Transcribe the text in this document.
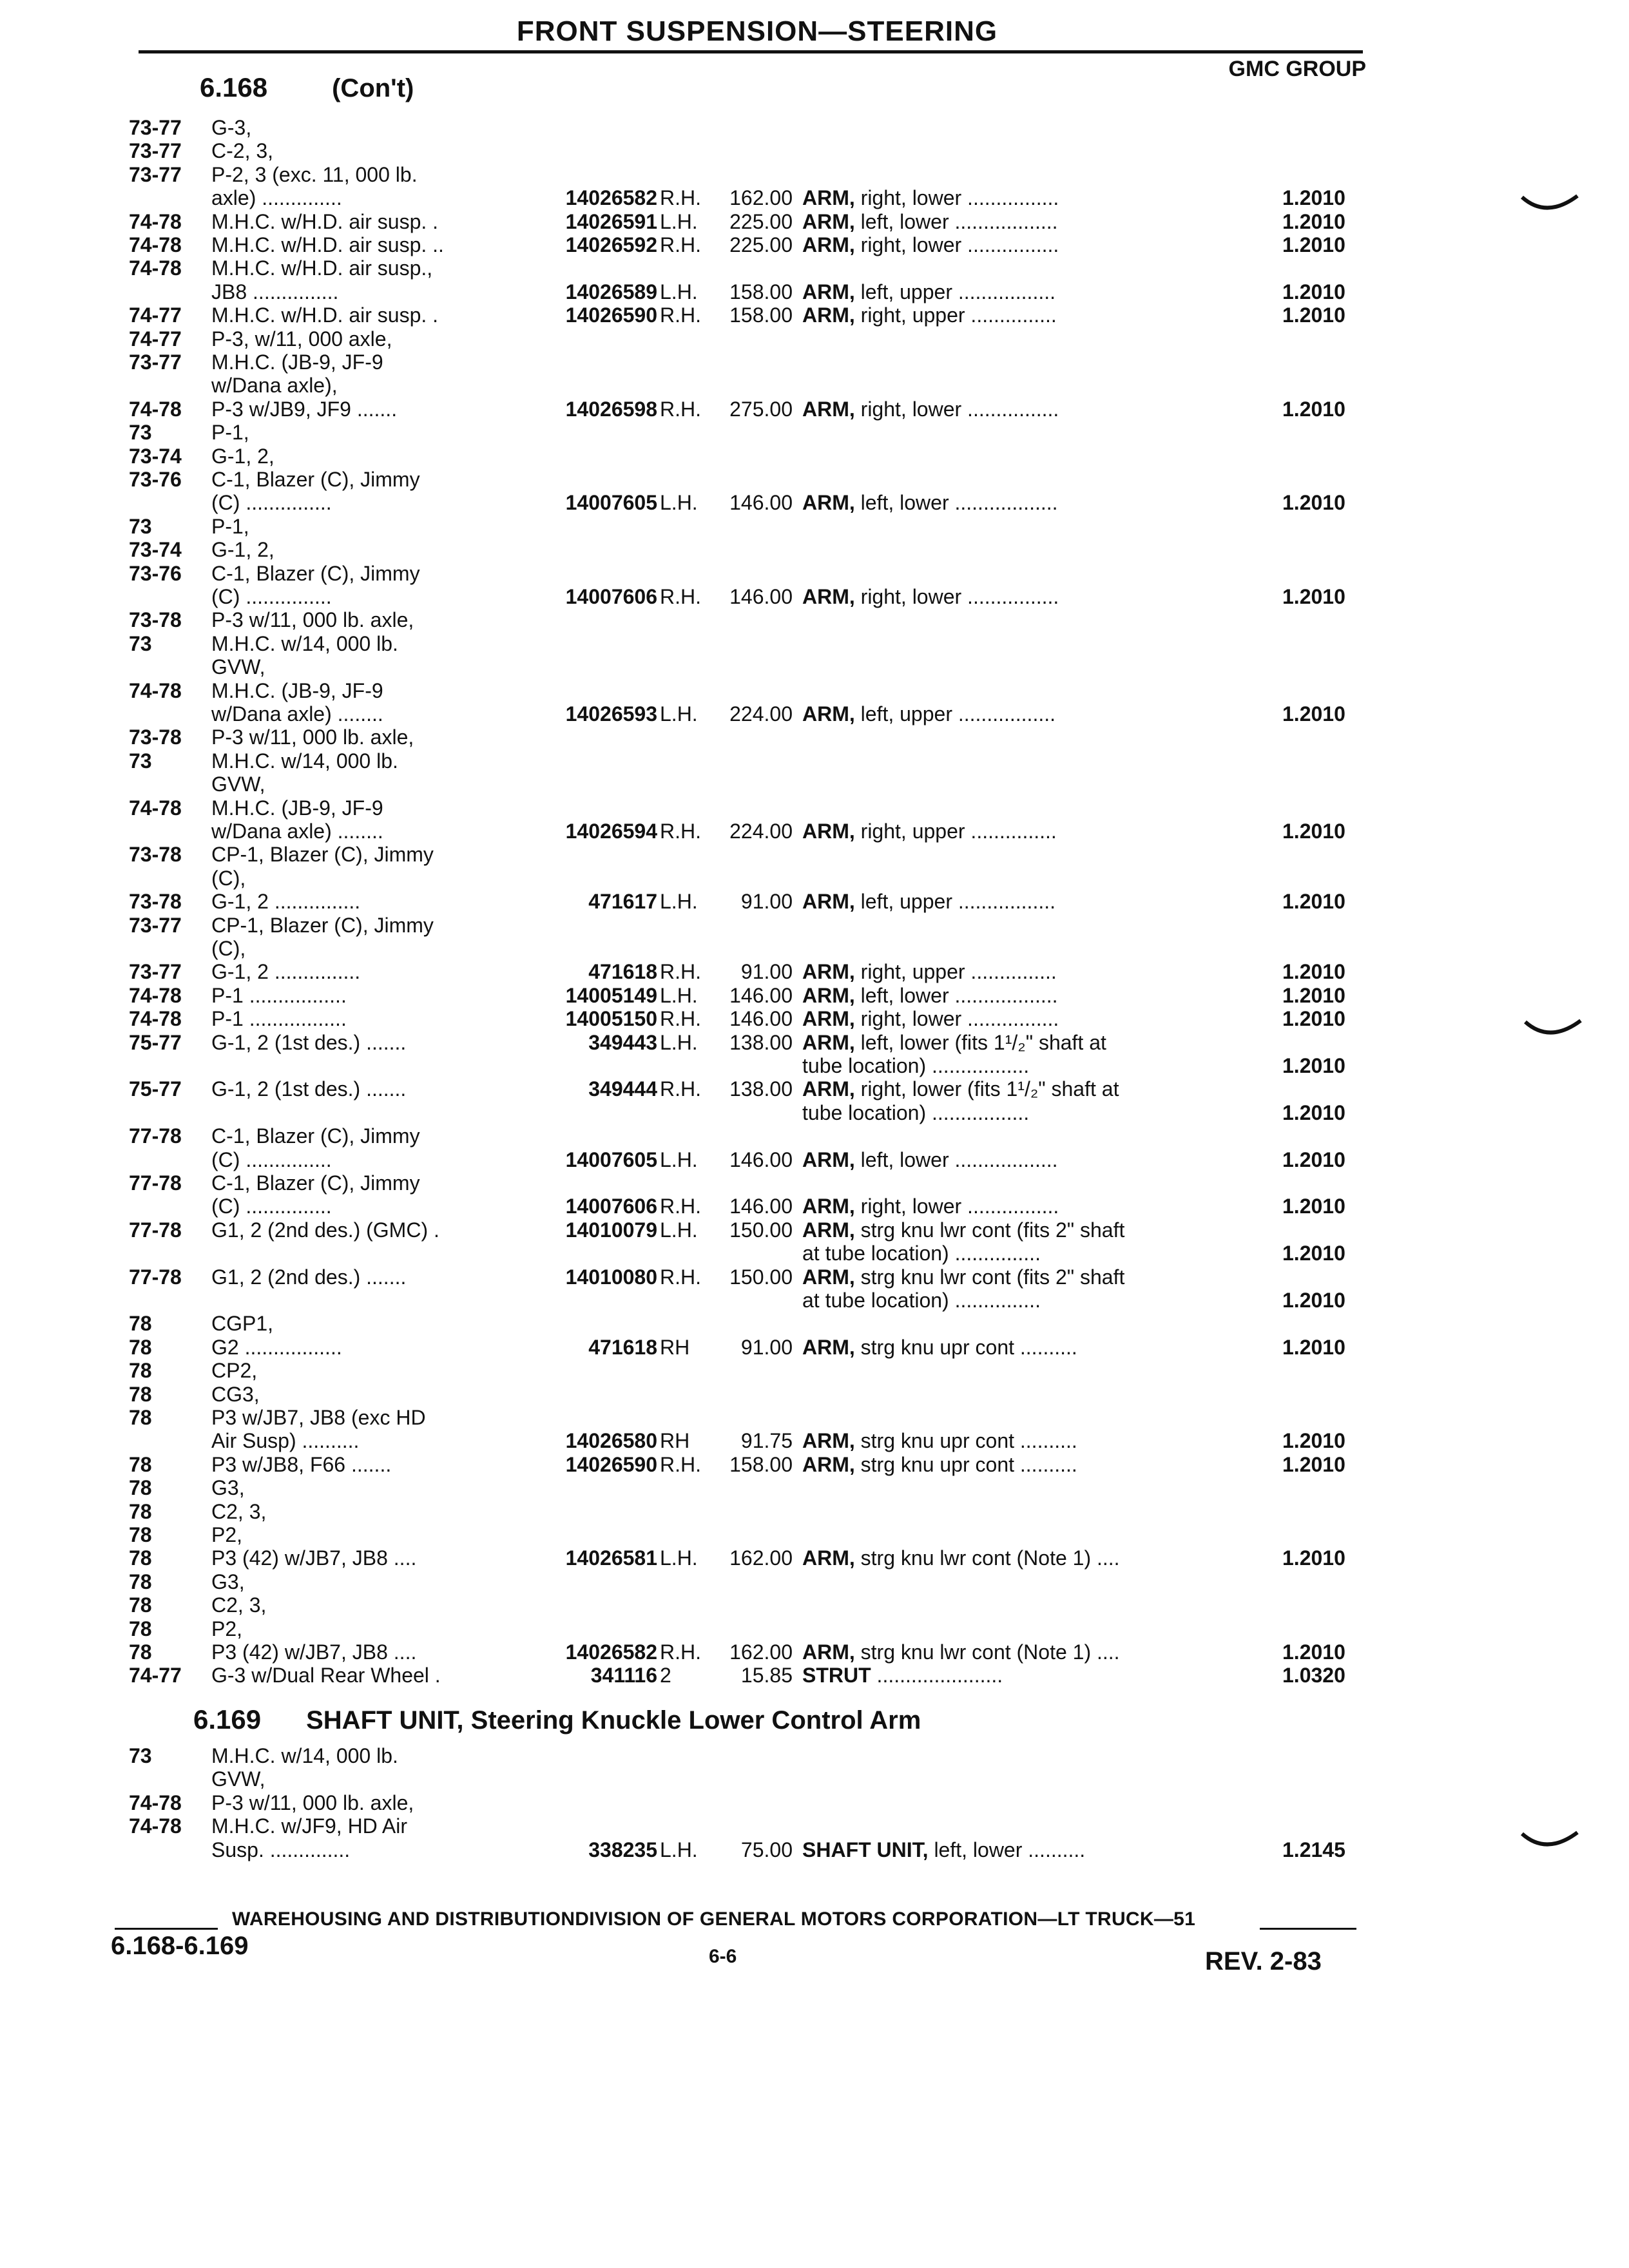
FRONT SUSPENSION—STEERING
GMC GROUP
6.168	(Con't)
73-77 G-3,
73-77 C-2, 3,
73-77 P-2, 3 (exc. 11, 000 lb.
axle) ..............	14026582 R.H.	162.00 ARM, right, lower ................	1.2010
74-78 M.H.C. w/H.D. air susp. .	14026591 L.H.	225.00 ARM, left, lower ..................	1.2010
74-78 M.H.C. w/H.D. air susp. ..	14026592 R.H.	225.00 ARM, right, lower ................	1.2010
74-78 M.H.C. w/H.D. air susp.,
JB8 ...............	14026589 L.H.	158.00 ARM, left, upper .................	1.2010
74-77 M.H.C. w/H.D. air susp. .	14026590 R.H.	158.00 ARM, right, upper ...............	1.2010
74-77 P-3, w/11, 000 axle,
73-77 M.H.C. (JB-9, JF-9
w/Dana axle),
74-78 P-3 w/JB9, JF9 .......	14026598 R.H.	275.00 ARM, right, lower ................	1.2010
73	P-1,
73-74 G-1, 2,
73-76 C-1, Blazer (C), Jimmy
(C) ...............	14007605 L.H.	146.00 ARM, left, lower ..................	1.2010
73	P-1,
73-74 G-1, 2,
73-76 C-1, Blazer (C), Jimmy
(C) ...............	14007606 R.H.	146.00 ARM, right, lower ................	1.2010
73-78 P-3 w/11, 000 lb. axle,
73	M.H.C. w/14, 000 lb.
GVW,
74-78 M.H.C. (JB-9, JF-9
w/Dana axle) ........	14026593 L.H.	224.00 ARM, left, upper .................	1.2010
73-78 P-3 w/11, 000 lb. axle,
73	M.H.C. w/14, 000 lb.
GVW,
74-78 M.H.C. (JB-9, JF-9
w/Dana axle) ........	14026594 R.H.	224.00 ARM, right, upper ...............	1.2010
73-78 CP-1, Blazer (C), Jimmy
(C),
73-78 G-1, 2 ...............	471617 L.H.	91.00 ARM, left, upper .................	1.2010
73-77 CP-1, Blazer (C), Jimmy
(C),
73-77 G-1, 2 ...............	471618 R.H.	91.00 ARM, right, upper ...............	1.2010
74-78 P-1 .................	14005149 L.H.	146.00 ARM, left, lower ..................	1.2010
74-78 P-1 .................	14005150 R.H.	146.00 ARM, right, lower ................	1.2010
75-77 G-1, 2 (1st des.) .......	349443 L.H.	138.00 ARM, left, lower (fits 1¹/₂" shaft at
tube location) .................	1.2010
75-77 G-1, 2 (1st des.) .......	349444 R.H.	138.00 ARM, right, lower (fits 1¹/₂" shaft at
tube location) .................	1.2010
77-78 C-1, Blazer (C), Jimmy
(C) ...............	14007605 L.H.	146.00 ARM, left, lower ..................	1.2010
77-78 C-1, Blazer (C), Jimmy
(C) ...............	14007606 R.H.	146.00 ARM, right, lower ................	1.2010
77-78 G1, 2 (2nd des.) (GMC) .	14010079 L.H.	150.00 ARM, strg knu lwr cont (fits 2" shaft
at tube location) ...............	1.2010
77-78 G1, 2 (2nd des.) .......	14010080 R.H.	150.00 ARM, strg knu lwr cont (fits 2" shaft
at tube location) ...............	1.2010
78	CGP1,
78	G2 .................	471618 RH	91.00 ARM, strg knu upr cont ..........	1.2010
78	CP2,
78	CG3,
78	P3 w/JB7, JB8 (exc HD
Air Susp) ..........	14026580 RH	91.75 ARM, strg knu upr cont ..........	1.2010
78	P3 w/JB8, F66 .......	14026590 R.H.	158.00 ARM, strg knu upr cont ..........	1.2010
78	G3,
78	C2, 3,
78	P2,
78	P3 (42) w/JB7, JB8 ....	14026581 L.H.	162.00 ARM, strg knu lwr cont (Note 1) ....	1.2010
78	G3,
78	C2, 3,
78	P2,
78	P3 (42) w/JB7, JB8 ....	14026582 R.H.	162.00 ARM, strg knu lwr cont (Note 1) ....	1.2010
74-77 G-3 w/Dual Rear Wheel .	341116 2	15.85 STRUT ......................	1.0320
73	M.H.C. w/14, 000 lb.
GVW,
74-78 P-3 w/11, 000 lb. axle,
74-78 M.H.C. w/JF9, HD Air
Susp. ..............	338235 L.H.	75.00 SHAFT UNIT, left, lower ..........	1.2145
6.169 SHAFT UNIT, Steering Knuckle Lower Control Arm
WAREHOUSING AND DISTRIBUTIONDIVISION OF GENERAL MOTORS CORPORATION—LT TRUCK—51
6.168-6.169	6-6	REV. 2-83
